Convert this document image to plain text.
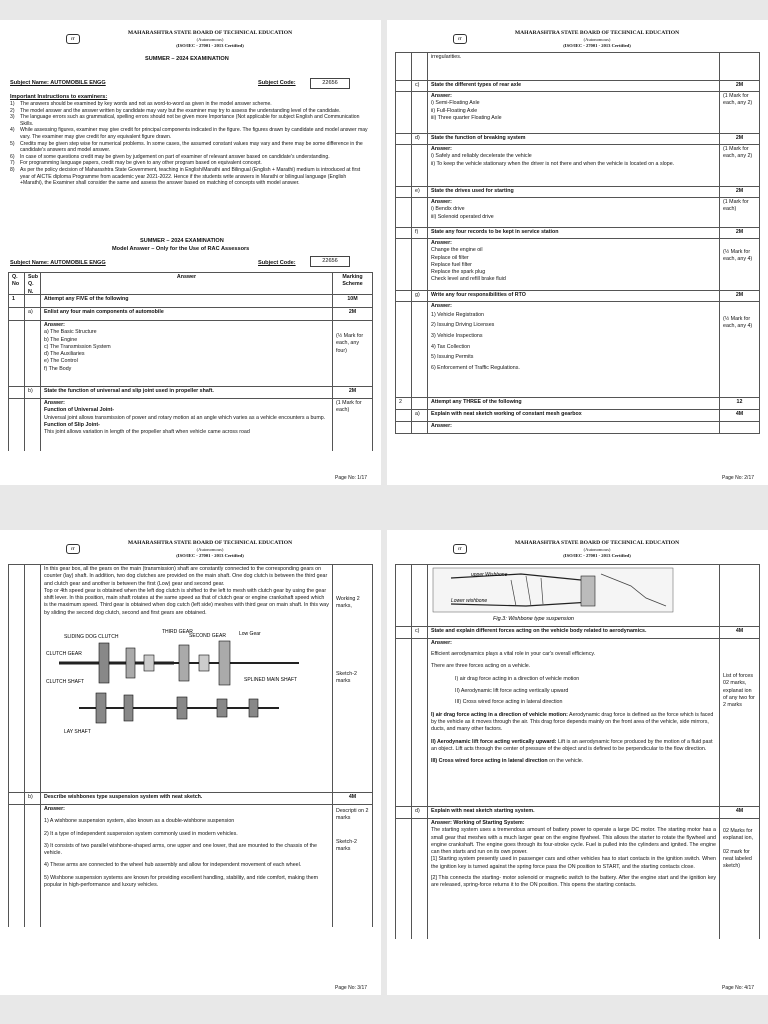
IT
MAHARASHTRA STATE BOARD OF TECHNICAL EDUCATION
(Autonomous)
(ISO/IEC - 27001 - 2013 Certified)
SUMMER – 2024 EXAMINATION
Subject Name: AUTOMOBILE ENGG	Subject Code:	22656
Important Instructions to examiners:
1)	The answers should be examined by key words and not as word-to-word as given in the model answer scheme.
2)	The model answer and the answer written by candidate may vary but the examiner may try to assess the understanding level of the candidate.
3)	The language errors such as grammatical, spelling errors should not be given more Importance (Not applicable for subject English and Communication Skills.
4)	While assessing figures, examiner may give credit for principal components indicated in the figure. The figures drawn by candidate and model answer may vary. The examiner may give credit for any equivalent figure drawn.
5)	Credits may be given step wise for numerical problems. In some cases, the assumed constant values may vary and there may be some difference in the candidate's answers and model answer.
6)	In case of some questions credit may be given by judgement on part of examiner of relevant answer based on candidate's understanding.
7)	For programming language papers, credit may be given to any other program based on equivalent concept.
8)	As per the policy decision of Maharashtra State Government, teaching in English/Marathi and Bilingual (English + Marathi) medium is introduced at first year of AICTE diploma Programme from academic year 2021-2022. Hence if the students write answers in Marathi or bilingual language (English +Marathi), the Examiner shall consider the same and assess the answer based on matching of concepts with model answer.
SUMMER – 2024 EXAMINATION
Model Answer – Only for the Use of RAC Assessors
Subject Name: AUTOMOBILE ENGG	Subject Code:	22656
Q. No
Sub Q. N.
Answer	Marking Scheme
1	Attempt any FIVE of the following	10M
a)	Enlist any four main components of automobile	2M
Answer:
a) The Basic Structure
b) The Engine
c) The Transmission System
d) The Auxiliaries
e) The Control
f) The Body
(½ Mark for each, any four)
b)	State the function of universal and slip joint used in propeller shaft.	2M
Answer:
Function of Universal Joint-
Universal joint allows transmission of power and rotary motion at an angle which varies as a vehicle encounters a bump.
Function of Slip Joint-
This joint allows variation in length of the propeller shaft when vehicle came across road
(1 Mark for each)
Page No: 1/17
IT
MAHARASHTRA STATE BOARD OF TECHNICAL EDUCATION
(Autonomous)
(ISO/IEC - 27001 - 2013 Certified)
irregularities.
c)	State the different types of rear axle	2M
Answer:
i) Semi-Floating Axle
ii) Full-Floating Axle
iii) Three quarter Floating Axle
(1 Mark for each, any 2)
d)	State the function of breaking system	2M
Answer:
i) Safely and reliably decelerate the vehicle
ii) To keep the vehicle stationary when the driver is not there and when the vehicle is located on a slope.
(1 Mark for each, any 2)
e)	State the drives used for starting	2M
Answer:
i) Bendix drive
iii) Solenoid operated drive
(1 Mark for each)
f)	State any four records to be kept in service station	2M
Answer:
Change the engine oil
Replace oil filter
Replace fuel filter
Replace the spark plug
Check level and refill brake fluid
(½ Mark for each, any 4)
g)	Write any four responsibilities of RTO	2M
Answer:
1) Vehicle Registration
2) Issuing Driving Licenses
3) Vehicle Inspections
4) Tax Collection
5) Issuing Permits
6) Enforcement of Traffic Regulations.
(½ Mark for each, any 4)
2	Attempt any THREE of the following	12
a)	Explain with neat sketch working of constant mesh gearbox	4M
Answer:
Page No: 2/17
IT
MAHARASHTRA STATE BOARD OF TECHNICAL EDUCATION
(Autonomous)
(ISO/IEC - 27001 - 2013 Certified)
In this gear box, all the gears on the main (transmission) shaft are constantly connected to the corresponding gears on counter (lay) shaft. In addition, two dog clutches are provided on the main shaft. One dog clutch is between the third gear and clutch gear and another is between the first (Low) gear and second gear.
Top or 4th speed gear is obtained when the left dog clutch is shifted to the left to mesh with clutch gear by using the gear shift lever. In this position, main shaft rotates at the same speed as that of clutch gear or engine crankshaft speed which is the maximum speed. Third gear is obtained when dog cutch (left side) meshes with third gear on main shaft. In this way by sliding the second dog clutch, second and first gears are obtained.
THIRD GEAR
SECOND GEAR
SLIDING DOG CLUTCH
CLUTCH GEAR
CLUTCH SHAFT	SPLINED MAIN SHAFT
LAY SHAFT
Low Gear
Working 2 marks,
Sketch-2 marks
b)	Describe wishbones type suspension system with neat sketch.	4M
Answer:
1) A wishbone suspension system, also known as a double-wishbone suspension
2) It a type of independent suspension system commonly used in modern vehicles.
3) It consists of two parallel wishbone-shaped arms, one upper and one lower, that are mounted to the chassis of the vehicle.
4) These arms are connected to the wheel hub assembly and allow for independent movement of each wheel.
5) Wishbone suspension systems are known for providing excellent handling, stability, and ride comfort, making them popular in high-performance and luxury vehicles.
Descripti on 2 marks
Sketch-2 marks
Page No: 3/17
IT
MAHARASHTRA STATE BOARD OF TECHNICAL EDUCATION
(Autonomous)
(ISO/IEC - 27001 - 2013 Certified)
upper Wishbone
Lower wishbone
Fig.3: Wishbone type suspension
c)	State and explain different forces acting on the vehicle body related to aerodynamics.	4M
Answer:
Efficient aerodynamics plays a vital role in your car's overall efficiency.
There are three forces acting on a vehicle.
I) air drag force acting in a direction of vehicle motion
II) Aerodynamic lift force acting vertically upward
III) Cross wired force acting in lateral direction
I) air drag force acting in a direction of vehicle motion: Aerodynamic drag force is defined as the force which is faced by the vehicle as it moves through the air. This drag force depends mainly on the front area of the vehicle, side mirrors, ducts, and many other factors.
II) Aerodynamic lift force acting vertically upward: Lift is an aerodynamic force produced by the motion of a fluid past an object. Lift acts through the center of pressure of the object and is defined to be perpendicular to the flow direction.
III) Cross wired force acting in lateral direction on the vehicle.
List of forces 02 marks, explanat ion of any two for 2 marks
d)	Explain with neat sketch starting system.	4M
Answer: Working of Starting System:
The starting system uses a tremendous amount of battery power to operate a large DC motor. The starting motor has a small gear that meshes with a much larger gear on the engine flywheel. This allows the starter to rotate the flywheel and engine crankshaft. The engine goes through its four-stroke cycle. Fuel is pulled into the cylinders and ignited. The engine can then starts and run on its own power.
[1] Starting system presently used in passenger cars and other vehicles has to start contacts in the ignition switch. When the ignition key is turned against the spring force pass the ON position to START, and the starting contacts close.
[2] This connects the starting- motor solenoid or magnetic switch to the battery. After the engine start and the ignition key are released, spring-force returns it to the ON position. This opens the starting contacts.
02 Marks for explanat ion,
02 mark for neat labeled sketch)
Page No: 4/17
